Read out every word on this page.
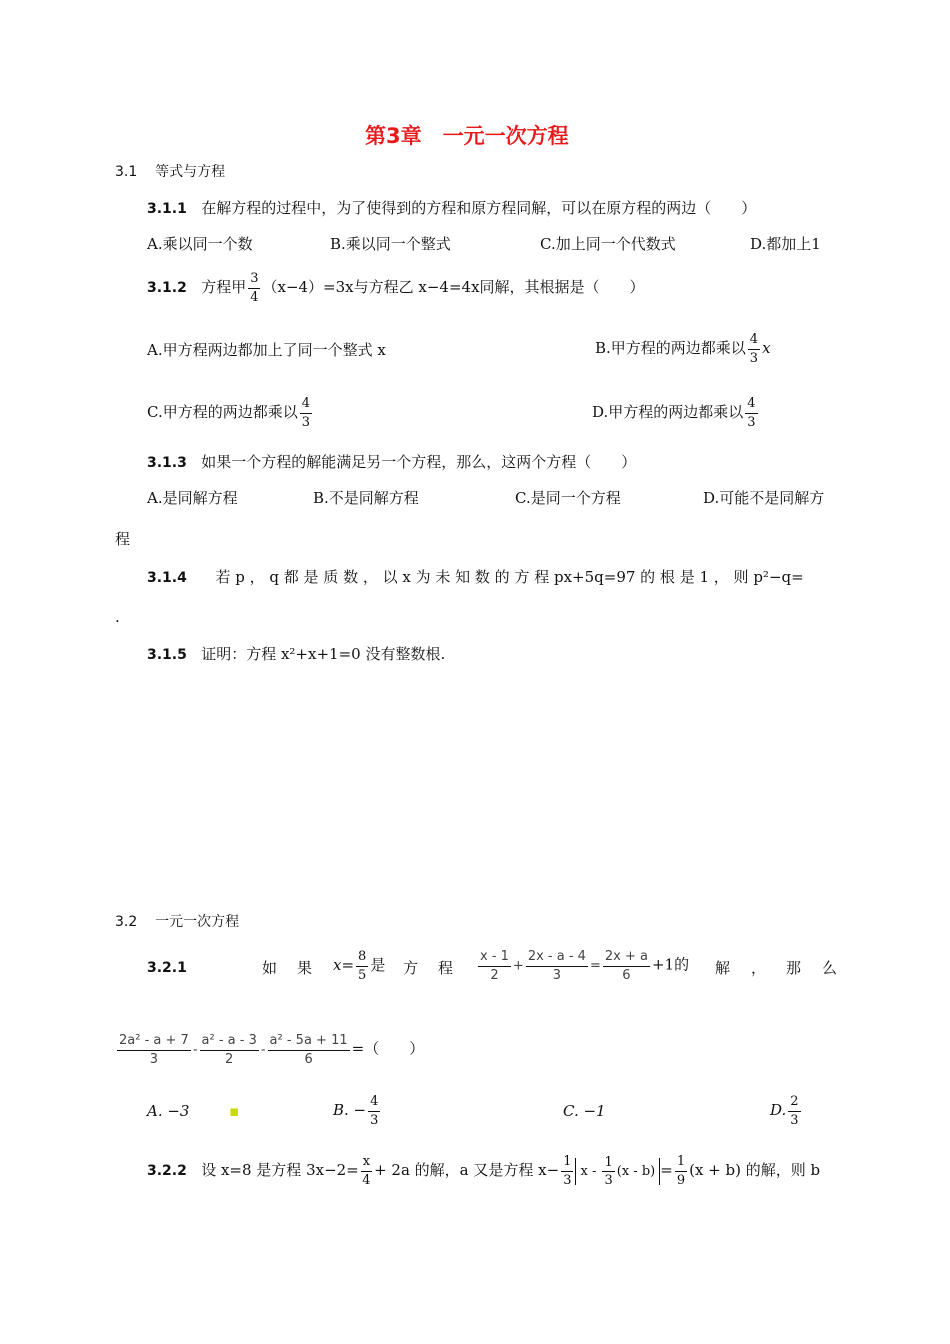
第3章　一元一次方程
3.1 等式与方程
3.1.1 在解方程的过程中，为了使得到的方程和原方程同解，可以在原方程的两边（　　）
A.乘以同一个数	B.乘以同一个整式	C.加上同一个代数式	D.都加上1
3.1.2 方程甲 $\frac{3}{4} (x-4)=3x$与方程乙 x−4=4x同解，其根据是（　　）
A.甲方程两边都加上了同一个整式 x	B.甲方程的两边都乘以 $\frac{4}{3}$ x
C.甲方程的两边都乘以 $\frac{4}{3}$	D.甲方程的两边都乘以 $\frac{4}{3}$
3.1.3 如果一个方程的解能满足另一个方程，那么，这两个方程（　　）
A.是同解方程	B.不是同解方程	C.是同一个方程	D.可能不是同解方
程
3.1.4 若 p ， q 都 是 质 数 ， 以 x 为 未 知 数 的 方 程 px+5q=97 的 根 是 1 ， 则 p²−q=
.
3.1.5 证明：方程 x²+x+1=0 没有整数根.
3.2 一元一次方程
3.2.1	如 果 $x= \frac{8}{5}$ 是 方 程 $\frac{x - 1}{2} + \frac{2x - a - 4}{3} = \frac{2x + a}{6} +1$的 解 ， 那 么
$\frac{\text{2a² - a + 7}}{3} - \frac{\text{a² - a - 3}}{2} - \frac{\text{a² - 5a + 11}}{6}$ =（　　）
A. −3	▪	B. − $\frac{4}{3}$	C. −1	D. $\frac{2}{3}$
3.2.2 设 x=8 是方程 $3x-2= \frac{x}{4} + 2a$ 的解，a 又是方程 $x- \frac{1}{3}$ $x - \frac{1}{3} (x - b) = \frac{1}{9} (x + b)$ 的解，则 b
